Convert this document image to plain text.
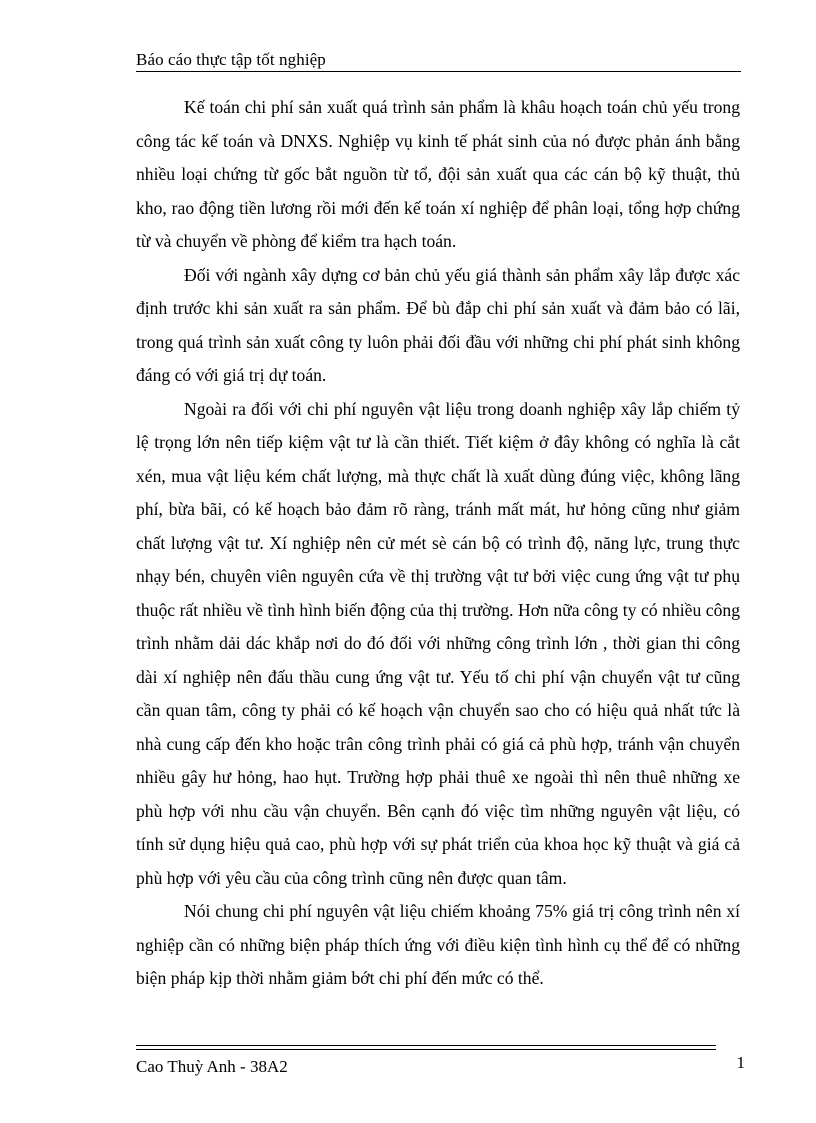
Báo cáo thực tập tốt nghiệp

Kế toán chi phí sản xuất quá trình sản phẩm là khâu hoạch toán chủ yếu trong công tác kế toán và DNXS. Nghiệp vụ kinh tế phát sinh của nó được phản ánh bằng nhiều loại chứng từ gốc bắt nguồn từ tổ, đội sản xuất qua các cán bộ kỹ thuật, thủ kho, rao động tiền lương rồi mới đến kế toán xí nghiệp để phân loại, tổng hợp chứng từ và chuyển về phòng để kiểm tra hạch toán.

Đối với ngành xây dựng cơ bản chủ yếu giá thành sản phẩm xây lắp được xác định trước khi sản xuất ra sản phẩm. Để bù đắp chi phí sản xuất và đảm bảo có lãi, trong quá trình sản xuất công ty luôn phải đối đầu với những chi phí phát sinh không đáng có với giá trị dự toán.

Ngoài ra đối với chi phí nguyên vật liệu trong doanh nghiệp xây lắp chiếm tỷ lệ trọng lớn nên tiếp kiệm vật tư là cần thiết. Tiết kiệm ở đây không có nghĩa là cắt xén, mua vật liệu kém chất lượng, mà thực chất là xuất dùng đúng việc, không lãng phí, bừa bãi, có kế hoạch bảo đảm rõ ràng, tránh mất mát, hư hỏng cũng như giảm chất lượng vật tư. Xí nghiệp nên cử mét sè cán bộ có trình độ, năng lực, trung thực nhạy bén, chuyên viên nguyên cứa về thị trường vật tư bởi việc cung ứng vật tư phụ thuộc rất nhiều về tình hình biến động của thị trường. Hơn nữa công ty có nhiều công trình nhằm dải dác khắp nơi do đó đối với những công trình lớn , thời gian thi công dài xí nghiệp nên đấu thầu cung ứng vật tư. Yếu tố chi phí vận chuyển vật tư cũng cần quan tâm, công ty phải có kế hoạch vận chuyển sao cho có hiệu quả nhất tức là nhà cung cấp đến kho hoặc trân công trình phải có giá cả phù hợp, tránh vận chuyển nhiều gây hư hỏng, hao hụt. Trường hợp phải thuê xe ngoài thì nên thuê những xe phù hợp với nhu cầu vận chuyển. Bên cạnh đó việc tìm những nguyên vật liệu, có tính sử dụng hiệu quả cao, phù hợp với sự phát triển của khoa học kỹ thuật và giá cả phù hợp với yêu cầu của công trình cũng nên được quan tâm.

Nói chung chi phí nguyên vật liệu chiếm khoảng 75% giá trị công trình nên xí nghiệp cần có những biện pháp thích ứng với điều kiện tình hình cụ thể để có những biện pháp kịp thời nhằm giảm bớt chi phí đến mức có thể.

Cao Thuỳ Anh - 38A2	1
